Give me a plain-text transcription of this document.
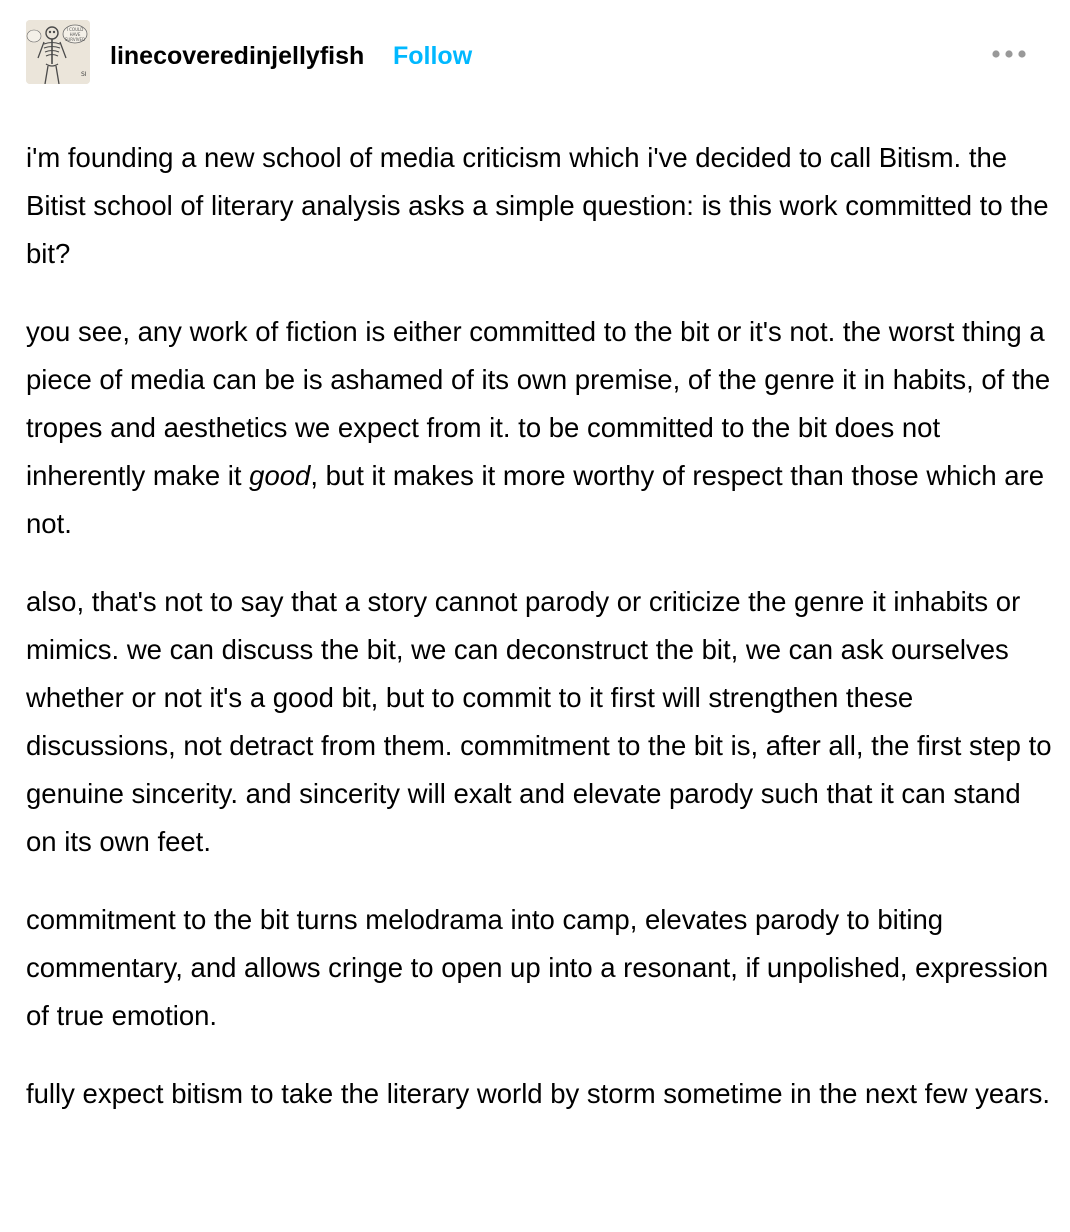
I COULD
HAVE
SURVIVED
SI
linecoveredinjellyfish Follow

i'm founding a new school of media criticism which i've decided to call Bitism. the Bitist school of literary analysis asks a simple question: is this work committed to the bit?

you see, any work of fiction is either committed to the bit or it's not. the worst thing a piece of media can be is ashamed of its own premise, of the genre it in habits, of the tropes and aesthetics we expect from it. to be committed to the bit does not inherently make it good, but it makes it more worthy of respect than those which are not.

also, that's not to say that a story cannot parody or criticize the genre it inhabits or mimics. we can discuss the bit, we can deconstruct the bit, we can ask ourselves whether or not it's a good bit, but to commit to it first will strengthen these discussions, not detract from them. commitment to the bit is, after all, the first step to genuine sincerity. and sincerity will exalt and elevate parody such that it can stand on its own feet.

commitment to the bit turns melodrama into camp, elevates parody to biting commentary, and allows cringe to open up into a resonant, if unpolished, expression of true emotion.

fully expect bitism to take the literary world by storm sometime in the next few years.
